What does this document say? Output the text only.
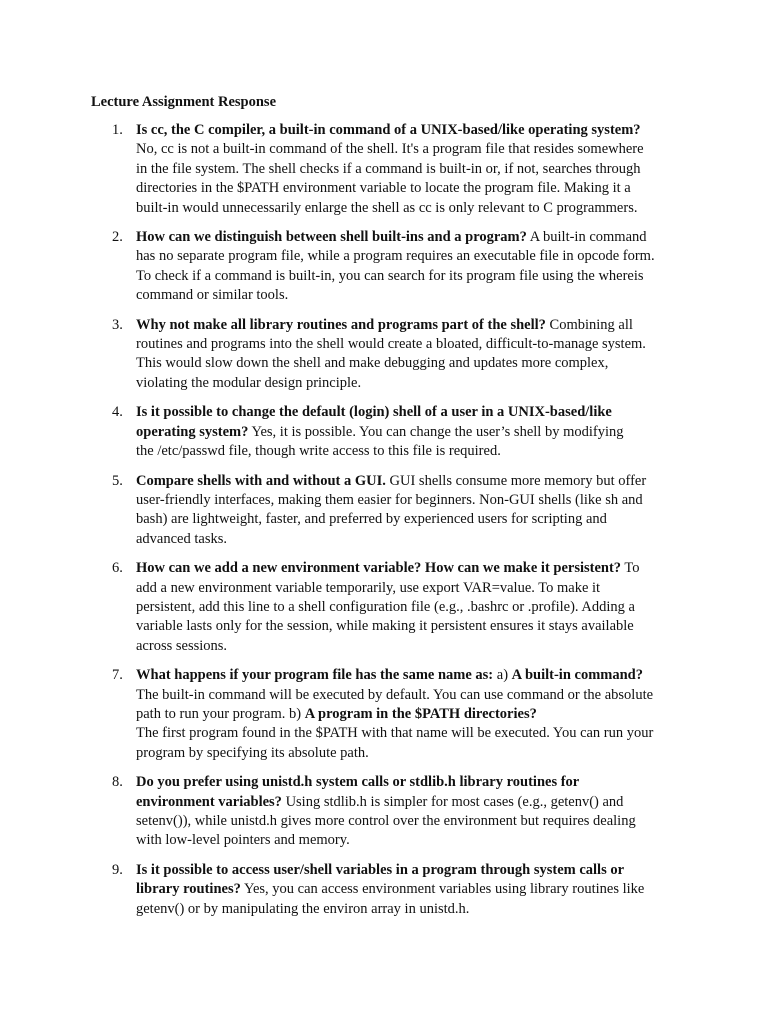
Lecture Assignment Response
1. Is cc, the C compiler, a built-in command of a UNIX-based/like operating system?
No, cc is not a built-in command of the shell. It's a program file that resides somewhere
in the file system. The shell checks if a command is built-in or, if not, searches through
directories in the $PATH environment variable to locate the program file. Making it a
built-in would unnecessarily enlarge the shell as cc is only relevant to C programmers.
2. How can we distinguish between shell built-ins and a program? A built-in command
has no separate program file, while a program requires an executable file in opcode form.
To check if a command is built-in, you can search for its program file using the whereis
command or similar tools.
3. Why not make all library routines and programs part of the shell? Combining all
routines and programs into the shell would create a bloated, difficult-to-manage system.
This would slow down the shell and make debugging and updates more complex,
violating the modular design principle.
4. Is it possible to change the default (login) shell of a user in a UNIX-based/like
operating system? Yes, it is possible. You can change the user’s shell by modifying
the /etc/passwd file, though write access to this file is required.
5. Compare shells with and without a GUI. GUI shells consume more memory but offer
user-friendly interfaces, making them easier for beginners. Non-GUI shells (like sh and
bash) are lightweight, faster, and preferred by experienced users for scripting and
advanced tasks.
6. How can we add a new environment variable? How can we make it persistent? To
add a new environment variable temporarily, use export VAR=value. To make it
persistent, add this line to a shell configuration file (e.g., .bashrc or .profile). Adding a
variable lasts only for the session, while making it persistent ensures it stays available
across sessions.
7. What happens if your program file has the same name as: a) A built-in command?
The built-in command will be executed by default. You can use command or the absolute
path to run your program. b) A program in the $PATH directories?
The first program found in the $PATH with that name will be executed. You can run your
program by specifying its absolute path.
8. Do you prefer using unistd.h system calls or stdlib.h library routines for
environment variables? Using stdlib.h is simpler for most cases (e.g., getenv() and
setenv()), while unistd.h gives more control over the environment but requires dealing
with low-level pointers and memory.
9. Is it possible to access user/shell variables in a program through system calls or
library routines? Yes, you can access environment variables using library routines like
getenv() or by manipulating the environ array in unistd.h.
